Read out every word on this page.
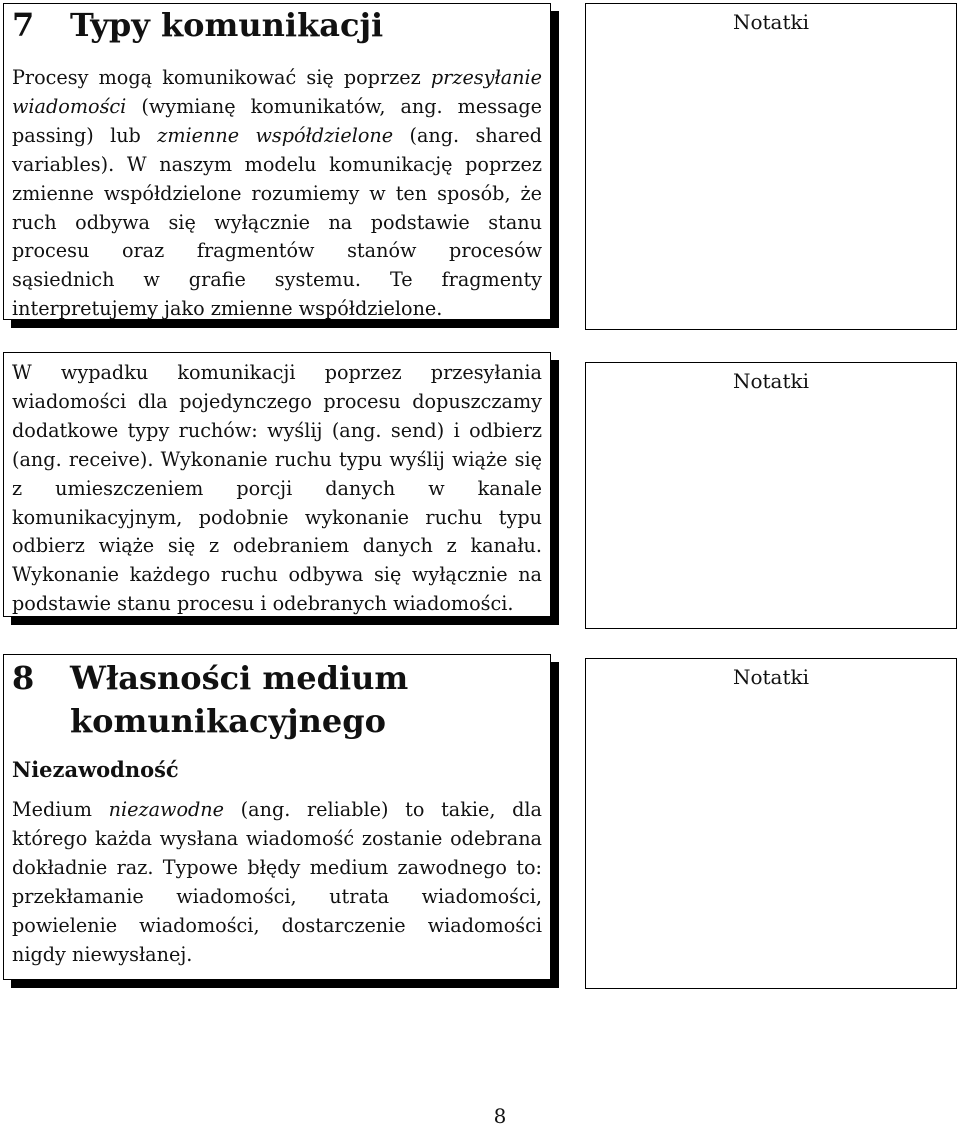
7	Typy komunikacji

Procesy mogą komunikować się poprzez przesyłanie wiadomości (wymianę komunikatów, ang. message passing) lub zmienne współdzielone (ang. shared variables). W naszym modelu komunikację poprzez zmienne współdzielone rozumiemy w ten sposób, że ruch odbywa się wyłącznie na podstawie stanu procesu oraz fragmentów stanów procesów sąsiednich w grafie systemu. Te fragmenty interpretujemy jako zmienne współdzielone.

Notatki

W wypadku komunikacji poprzez przesyłania wiadomości dla pojedynczego procesu dopuszczamy dodatkowe typy ruchów: wyślij (ang. send) i odbierz (ang. receive). Wykonanie ruchu typu wyślij wiąże się z umieszczeniem porcji danych w kanale komunikacyjnym, podobnie wykonanie ruchu typu odbierz wiąże się z odebraniem danych z kanału. Wykonanie każdego ruchu odbywa się wyłącznie na podstawie stanu procesu i odebranych wiadomości.

Notatki
8	Własności medium komunikacyjnego
Niezawodność

Medium niezawodne (ang. reliable) to takie, dla którego każda wysłana wiadomość zostanie odebrana dokładnie raz. Typowe błędy medium zawodnego to: przekłamanie wiadomości, utrata wiadomości, powielenie wiadomości, dostarczenie wiadomości nigdy niewysłanej.

Notatki
8
